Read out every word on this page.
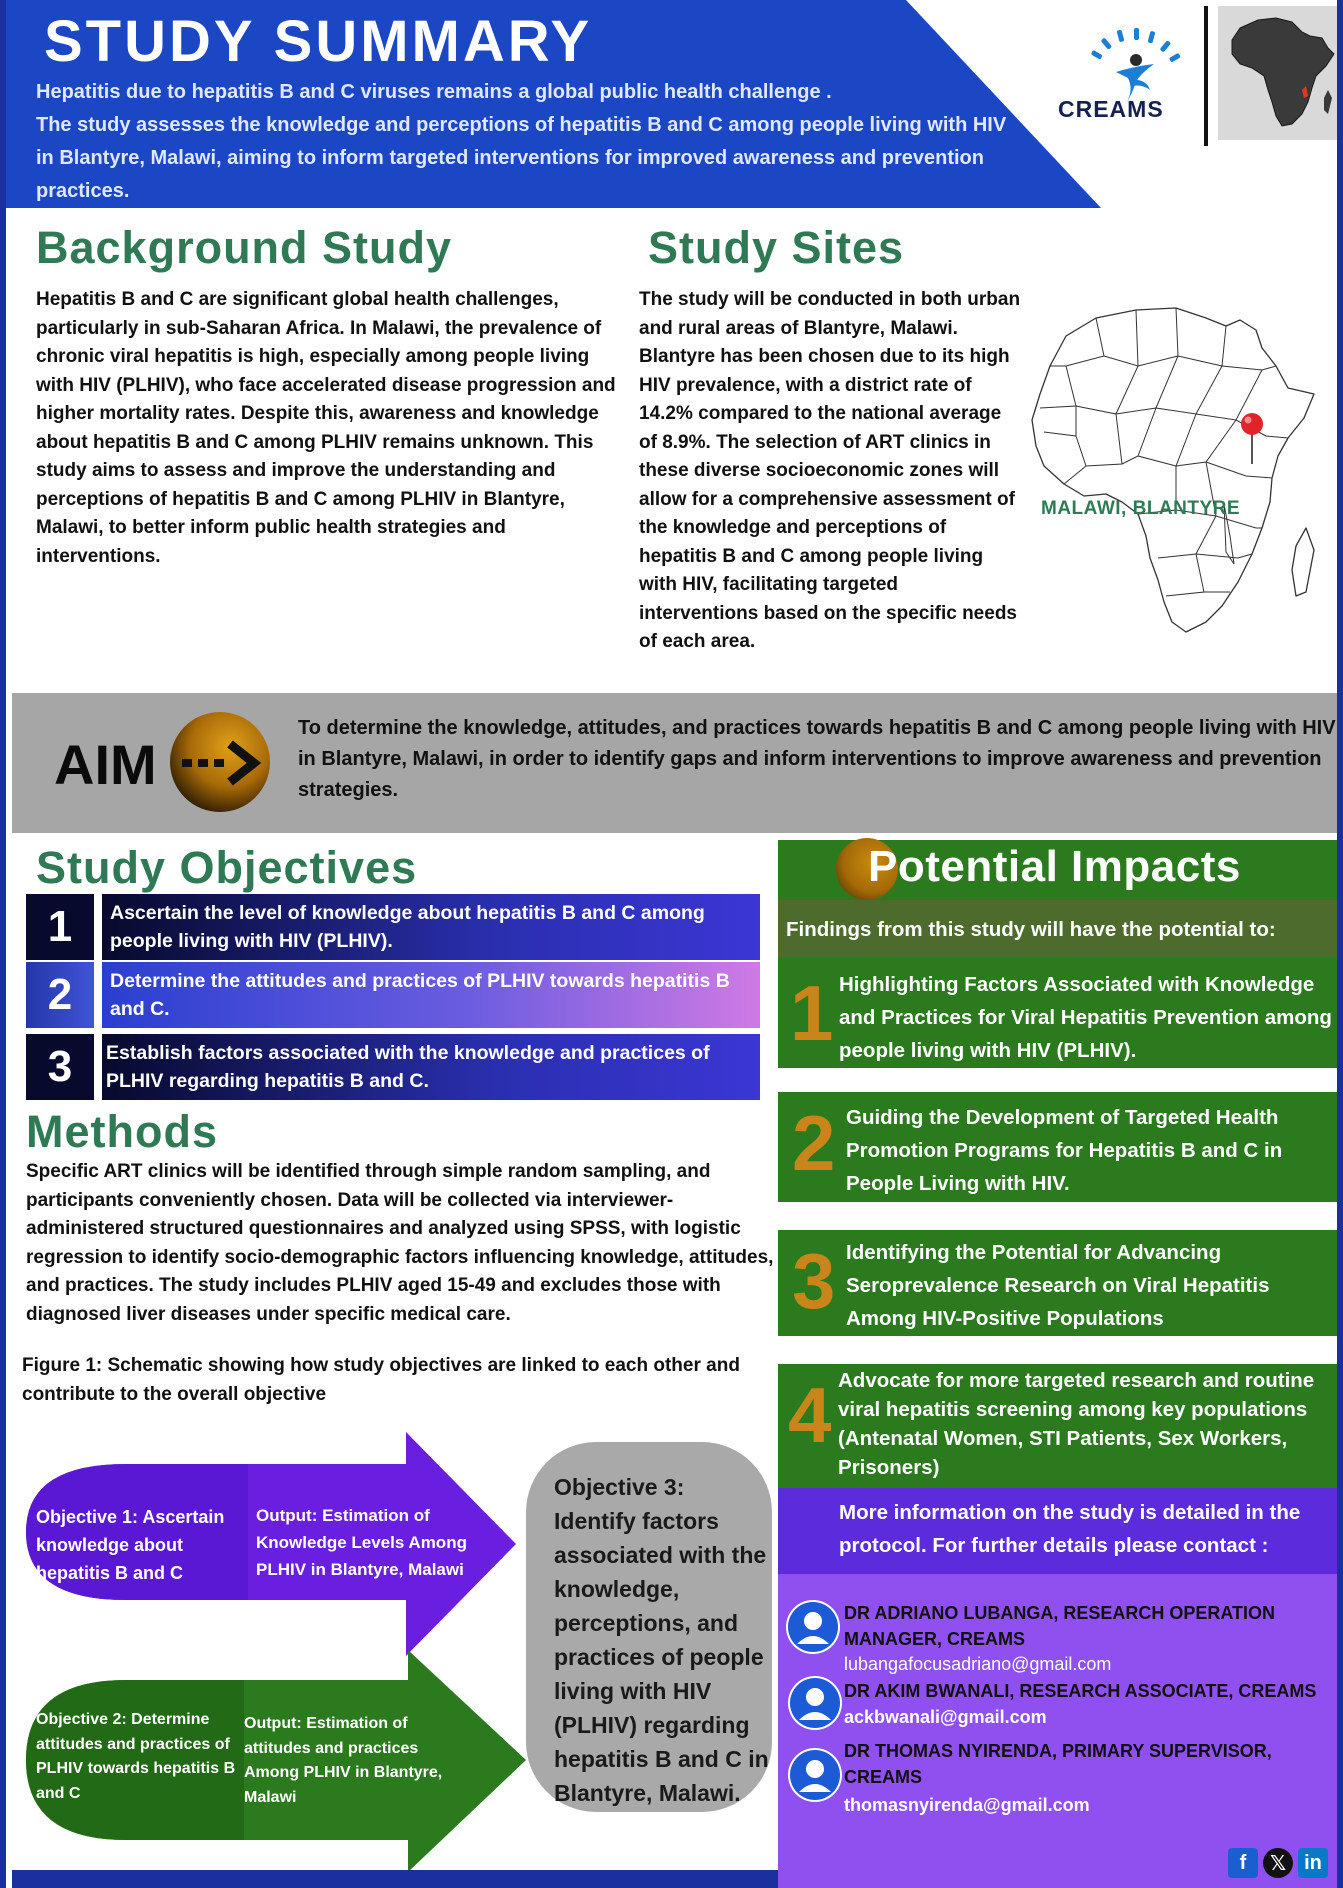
STUDY SUMMARY
Hepatitis due to hepatitis B and C viruses remains a global public health challenge .
The study assesses the knowledge and perceptions of hepatitis B and C among people living with HIV in Blantyre, Malawi, aiming to inform targeted interventions for improved awareness and prevention practices.
CREAMS
Background Study
Hepatitis B and C are significant global health challenges, particularly in sub-Saharan Africa. In Malawi, the prevalence of chronic viral hepatitis is high, especially among people living with HIV (PLHIV), who face accelerated disease progression and higher mortality rates. Despite this, awareness and knowledge about hepatitis B and C among PLHIV remains unknown. This study aims to assess and improve the understanding and perceptions of hepatitis B and C among PLHIV in Blantyre, Malawi, to better inform public health strategies and interventions.
Study Sites
The study will be conducted in both urban and rural areas of Blantyre, Malawi. Blantyre has been chosen due to its high HIV prevalence, with a district rate of 14.2% compared to the national average of 8.9%. The selection of ART clinics in these diverse socioeconomic zones will allow for a comprehensive assessment of the knowledge and perceptions of hepatitis B and C among people living with HIV, facilitating targeted interventions based on the specific needs of each area.
MALAWI, BLANTYRE
AIM
To determine the knowledge, attitudes, and practices towards hepatitis B and C among people living with HIV in Blantyre, Malawi, in order to identify gaps and inform interventions to improve awareness and prevention strategies.
Study Objectives
1	Ascertain the level of knowledge about hepatitis B and C among people living with HIV (PLHIV).
2	Determine the attitudes and practices of PLHIV towards hepatitis B and C.
3	Establish factors associated with the knowledge and practices of PLHIV regarding hepatitis B and C.
Methods
Specific ART clinics will be identified through simple random sampling, and participants conveniently chosen. Data will be collected via interviewer-administered structured questionnaires and analyzed using SPSS, with logistic regression to identify socio-demographic factors influencing knowledge, attitudes, and practices. The study includes PLHIV aged 15-49 and excludes those with diagnosed liver diseases under specific medical care.
Figure 1: Schematic showing how study objectives are linked to each other and contribute to the overall objective
Objective 1: Ascertain knowledge about hepatitis B and C
Output: Estimation of Knowledge Levels Among PLHIV in Blantyre, Malawi
Objective 2: Determine attitudes and practices of PLHIV towards hepatitis B and C
Output: Estimation of attitudes and practices Among PLHIV in Blantyre, Malawi
Objective 3: Identify factors associated with the knowledge, perceptions, and practices of people living with HIV (PLHIV) regarding hepatitis B and C in Blantyre, Malawi.
Potential Impacts
Findings from this study will have the potential to:
1 Highlighting Factors Associated with Knowledge and Practices for Viral Hepatitis Prevention among people living with HIV (PLHIV).
2 Guiding the Development of Targeted Health Promotion Programs for Hepatitis B and C in People Living with HIV.
3 Identifying the Potential for Advancing Seroprevalence Research on Viral Hepatitis Among HIV-Positive Populations
4 Advocate for more targeted research and routine viral hepatitis screening among key populations (Antenatal Women, STI Patients, Sex Workers, Prisoners)
More information on the study is detailed in the protocol. For further details please contact :
DR ADRIANO LUBANGA, RESEARCH OPERATION MANAGER, CREAMS
lubangafocusadriano@gmail.com
DR AKIM BWANALI, RESEARCH ASSOCIATE, CREAMS
ackbwanali@gmail.com
DR THOMAS NYIRENDA, PRIMARY SUPERVISOR, CREAMS
thomasnyirenda@gmail.com
f	𝕏 in
